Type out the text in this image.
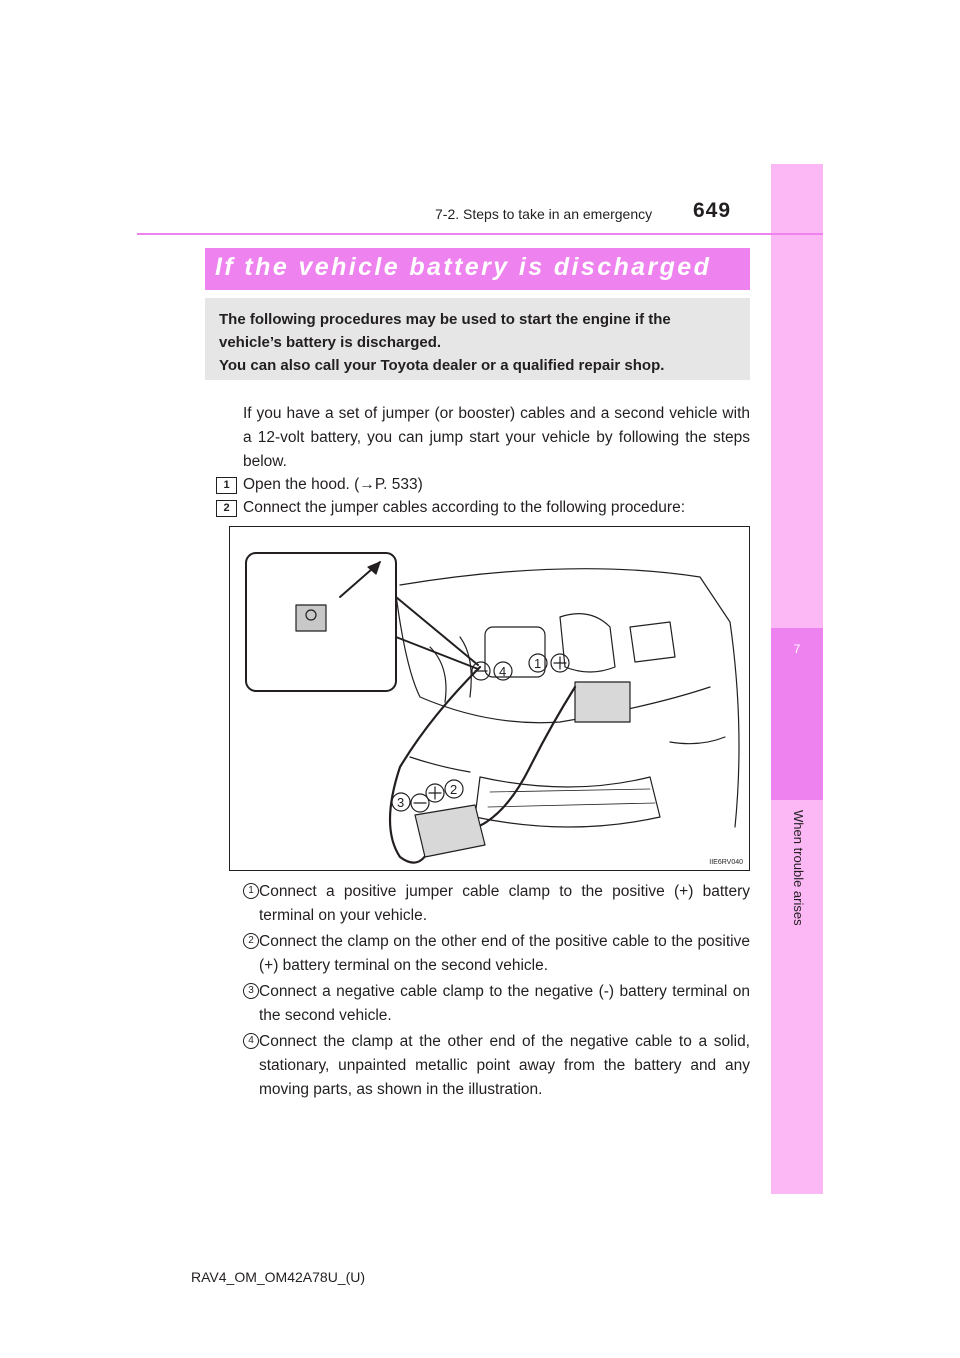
7
When trouble arises
7-2. Steps to take in an emergency 649
If the vehicle battery is discharged
The following procedures may be used to start the engine if the
vehicle’s battery is discharged.
You can also call your Toyota dealer or a qualified repair shop.
If you have a set of jumper (or booster) cables and a second vehicle with a 12-volt battery, you can jump start your vehicle by following the steps below.
1 Open the hood. (→P. 533)
2 Connect the jumper cables according to the following procedure:
1
2
3
4
IIE6RV040
1 Connect a positive jumper cable clamp to the positive (+) battery terminal on your vehicle.
2 Connect the clamp on the other end of the positive cable to the positive (+) battery terminal on the second vehicle.
3 Connect a negative cable clamp to the negative (-) battery terminal on the second vehicle.
4 Connect the clamp at the other end of the negative cable to a solid, stationary, unpainted metallic point away from the battery and any moving parts, as shown in the illustration.
RAV4_OM_OM42A78U_(U)
